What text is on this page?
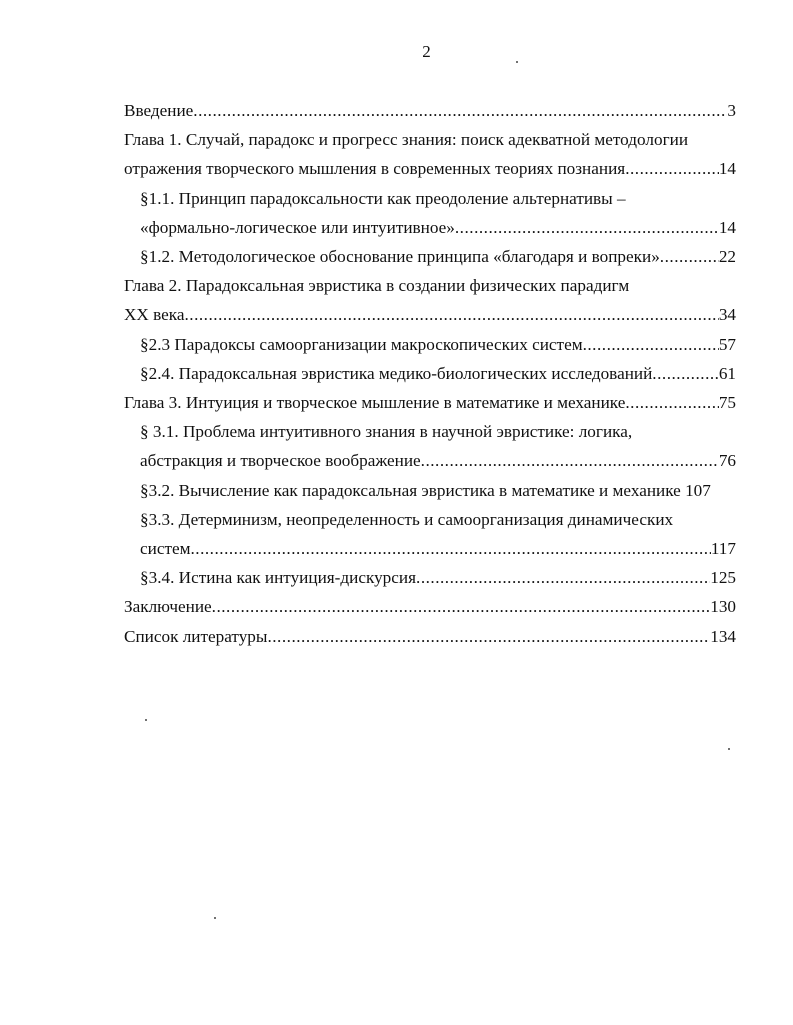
2
Введение .....	3
Глава 1. Случай, парадокс и прогресс знания: поиск адекватной методологии
отражения творческого мышления в современных теориях познания .....	14
§1.1. Принцип парадоксальности как преодоление альтернативы –
«формально-логическое или интуитивное» .....	14
§1.2. Методологическое обоснование принципа «благодаря и вопреки» .....	22
Глава 2. Парадоксальная эвристика в создании физических парадигм
XX века .....	34
§2.3 Парадоксы самоорганизации макроскопических систем .....	57
§2.4. Парадоксальная эвристика медико-биологических исследований .....	61
Глава 3. Интуиция и творческое мышление в математике и механике .....	75
§ 3.1. Проблема интуитивного знания в научной эвристике: логика,
абстракция и творческое воображение .....	76
§3.2. Вычисление как парадоксальная эвристика в математике и механике 107
§3.3. Детерминизм, неопределенность и самоорганизация динамических
систем .....	117
§3.4. Истина как интуиция-дискурсия .....	125
Заключение .....	130
Список литературы .....	134
